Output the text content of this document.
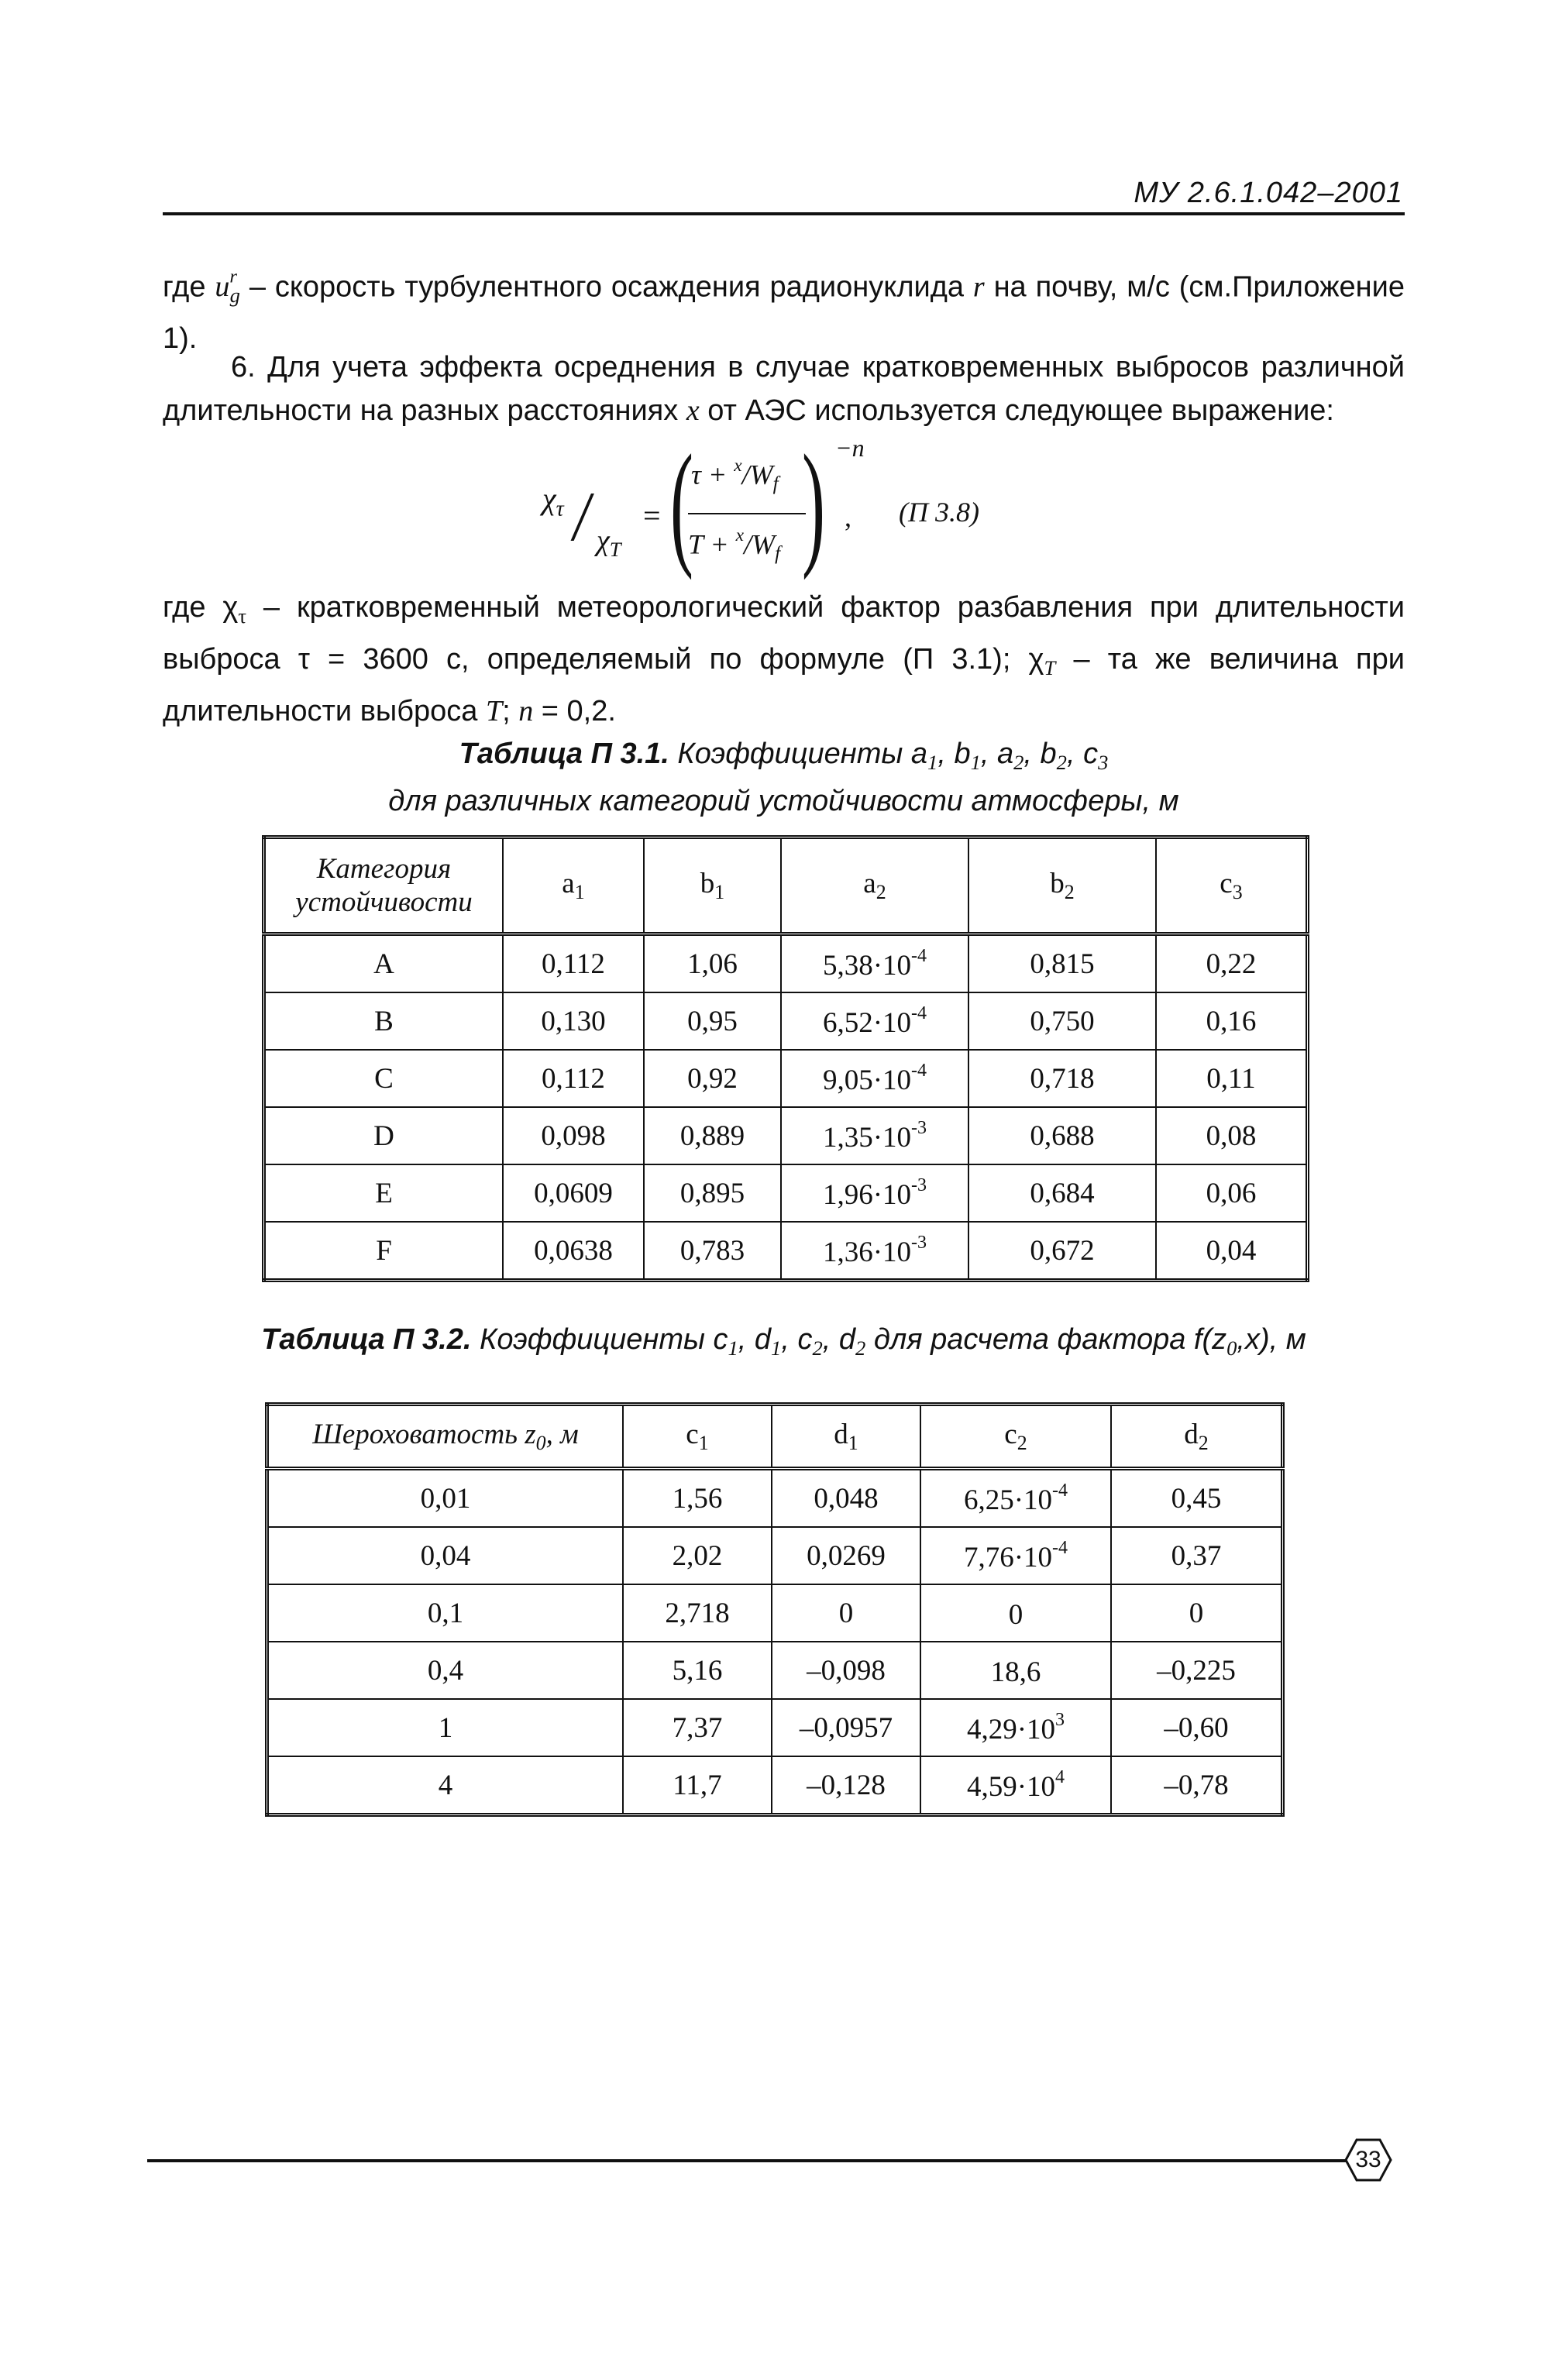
МУ 2.6.1.042–2001
где $u^r_g$ – скорость турбулентного осаждения радионуклида r на почву, м/с (см.Приложение 1).
6. Для учета эффекта осреднения в случае кратковременных выбросов различной длительности на разных расстояниях x от АЭС используется следующее выражение:
$\chi_\tau / \chi_T$
= (
$\tau + ^x/W_f$
$T + ^x/W_f$ ) −n
, (П 3.8)
где $\chi_\tau$ – кратковременный метеорологический фактор разбавления при длительности выброса τ = 3600 с, определяемый по формуле (П 3.1); $\chi_T$ – та же величина при длительности выброса T; n = 0,2.
Таблица П 3.1. Коэффициенты $a_1$, $b_1$, $a_2$, $b_2$, $c_3$
для различных категорий устойчивости атмосферы, м
Категория устойчивости	$a_1$	$b_1$	$a_2$	$b_2$	$c_3$
A	0,112	1,06	$5,38\cdot 10^{-4}$	0,815	0,22
B	0,130	0,95	$6,52\cdot 10^{-4}$	0,750	0,16
C	0,112	0,92	$9,05\cdot 10^{-4}$	0,718	0,11
D	0,098	0,889	$1,35\cdot 10^{-3}$	0,688	0,08
E	0,0609	0,895	$1,96\cdot 10^{-3}$	0,684	0,06
F	0,0638	0,783	$1,36\cdot 10^{-3}$	0,672	0,04
Таблица П 3.2. Коэффициенты $c_1$, $d_1$, $c_2$, $d_2$ для расчета фактора $f(z_0,x)$, м
Шероховатость $z_0$, м	$c_1$	$d_1$	$c_2$	$d_2$
0,01	1,56	0,048	$6,25\cdot 10^{-4}$	0,45
0,04	2,02	0,0269	$7,76\cdot 10^{-4}$	0,37
0,1	2,718	0	0	0
0,4	5,16	–0,098	18,6	–0,225
1	7,37	–0,0957	$4,29\cdot 10^3$	–0,60
4	11,7	–0,128	$4,59\cdot 10^4$	–0,78
33
